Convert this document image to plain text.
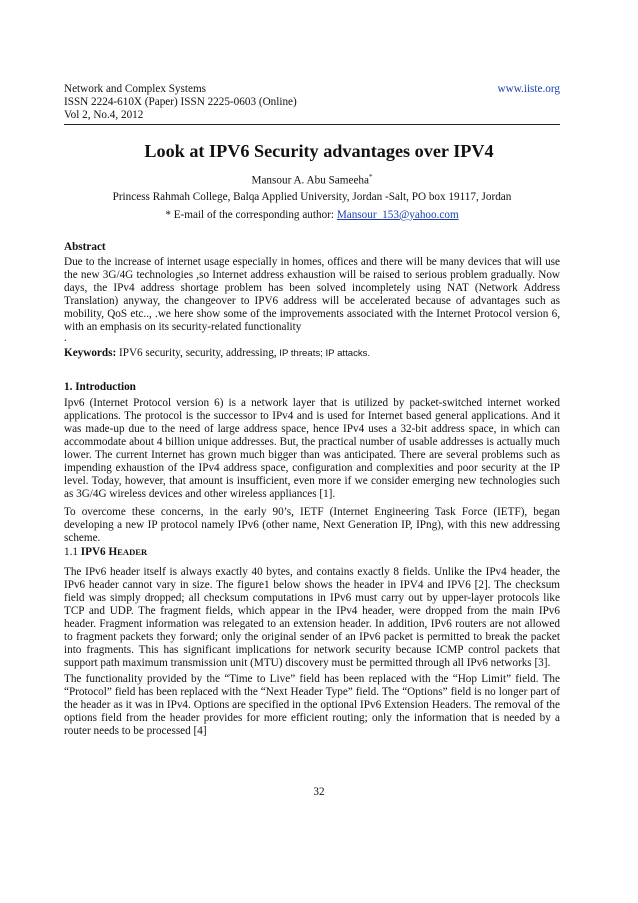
Network and Complex Systems
ISSN 2224-610X (Paper) ISSN 2225-0603 (Online)
Vol 2, No.4, 2012
www.iiste.org
Look at IPV6 Security advantages over IPV4
Mansour A. Abu Sameeha*
Princess Rahmah College, Balqa Applied University, Jordan -Salt, PO box 19117, Jordan
* E-mail of the corresponding author: Mansour_153@yahoo.com
Abstract
Due to the increase of internet usage especially in homes, offices and there will be many devices that will use the new 3G/4G technologies ,so Internet address exhaustion will be raised to serious problem gradually. Now days, the IPv4 address shortage problem has been solved incompletely using NAT (Network Address Translation) anyway, the changeover to IPV6 address will be accelerated because of advantages such as mobility, QoS etc.., .we here show some of the improvements associated with the Internet Protocol version 6, with an emphasis on its security-related functionality
.
Keywords: IPV6 security, security, addressing, IP threats; IP attacks.
1. Introduction
Ipv6 (Internet Protocol version 6) is a network layer that is utilized by packet-switched internet worked applications. The protocol is the successor to IPv4 and is used for Internet based general applications. And it was made-up due to the need of large address space, hence IPv4 uses a 32-bit address space, in which can accommodate about 4 billion unique addresses. But, the practical number of usable addresses is actually much lower. The current Internet has grown much bigger than was anticipated. There are several problems such as impending exhaustion of the IPv4 address space, configuration and complexities and poor security at the IP level. Today, however, that amount is insufficient, even more if we consider emerging new technologies such as 3G/4G wireless devices and other wireless appliances [1].
To overcome these concerns, in the early 90’s, IETF (Internet Engineering Task Force (IETF), began developing a new IP protocol namely IPv6 (other name, Next Generation IP, IPng), with this new addressing scheme.
1.1 IPV6 HEADER
The IPv6 header itself is always exactly 40 bytes, and contains exactly 8 fields. Unlike the IPv4 header, the IPv6 header cannot vary in size. The figure1 below shows the header in IPV4 and IPV6 [2]. The checksum field was simply dropped; all checksum computations in IPv6 must carry out by upper-layer protocols like TCP and UDP. The fragment fields, which appear in the IPv4 header, were dropped from the main IPv6 header. Fragment information was relegated to an extension header. In addition, IPv6 routers are not allowed to fragment packets they forward; only the original sender of an IPv6 packet is permitted to break the packet into fragments. This has significant implications for network security because ICMP control packets that support path maximum transmission unit (MTU) discovery must be permitted through all IPv6 networks [3].
The functionality provided by the “Time to Live” field has been replaced with the “Hop Limit” field. The “Protocol” field has been replaced with the “Next Header Type” field. The “Options” field is no longer part of the header as it was in IPv4. Options are specified in the optional IPv6 Extension Headers. The removal of the options field from the header provides for more efficient routing; only the information that is needed by a router needs to be processed [4]
32
